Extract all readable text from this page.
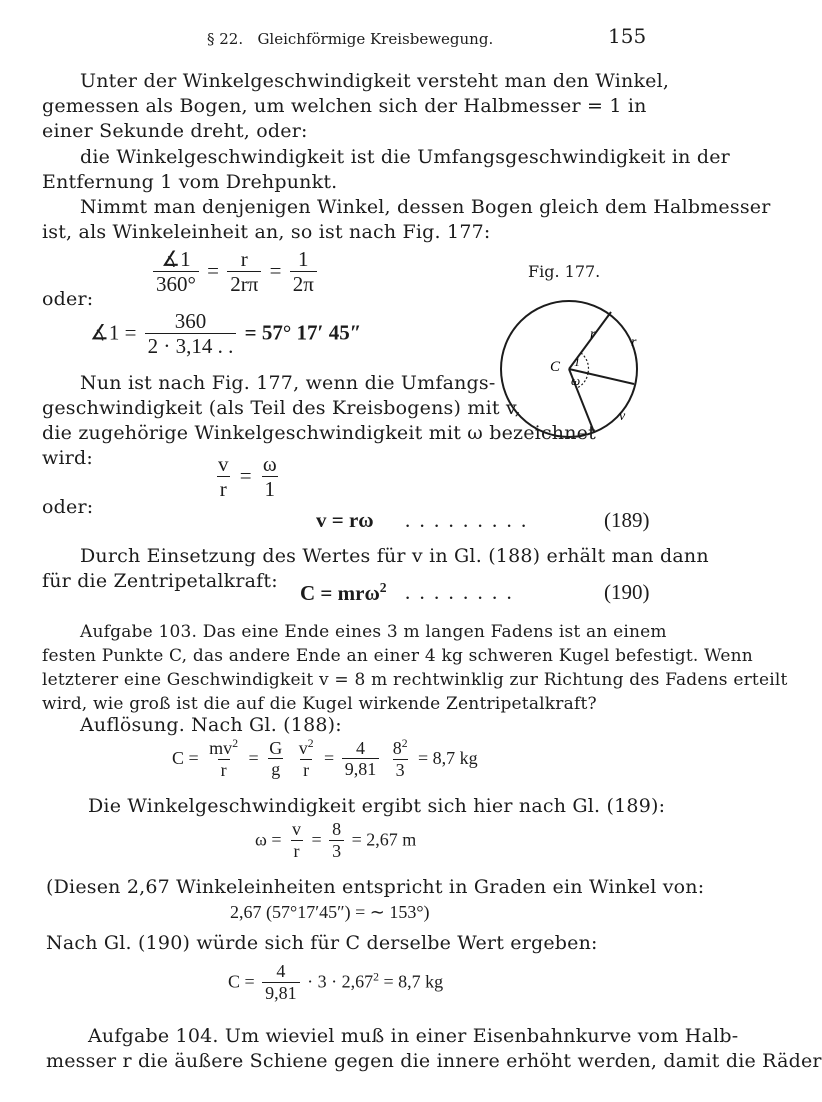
§ 22. Gleichförmige Kreisbewegung.	155
Unter der Winkelgeschwindigkeit versteht man den Winkel,
gemessen als Bogen, um welchen sich der Halbmesser = 1 in
einer Sekunde dreht, oder:
die Winkelgeschwindigkeit ist die Umfangsgeschwindigkeit in der
Entfernung 1 vom Drehpunkt.
Nimmt man denjenigen Winkel, dessen Bogen gleich dem Halbmesser
ist, als Winkeleinheit an, so ist nach Fig. 177:
$\frac{∡1}{360^\circ} = \frac{r}{2r\pi} = \frac{1}{2\pi}$
oder:
∡1 = $\frac{360}{2 \cdot 3,14 . .} = 57^\circ$ 17′ 45″
Fig. 177.
C 1
ω
r
r
v
Nun ist nach Fig. 177, wenn die Umfangs-
geschwindigkeit (als Teil des Kreisbogens) mit v,
die zugehörige Winkelgeschwindigkeit mit ω bezeichnet
wird:	$\frac{v}{r} = \frac{\omega}{1}$
oder:
v = rω . . . . . . . . .	(189)
Durch Einsetzung des Wertes für v in Gl. (188) erhält man dann
für die Zentripetalkraft: C = mrω$^2$ . . . . . . . .	(190)
Aufgabe 103. Das eine Ende eines 3 m langen Fadens ist an einem
festen Punkte C, das andere Ende an einer 4 kg schweren Kugel befestigt. Wenn
letzterer eine Geschwindigkeit v = 8 m rechtwinklig zur Richtung des Fadens erteilt
wird, wie groß ist die auf die Kugel wirkende Zentripetalkraft?
Auflösung. Nach Gl. (188):
$C = \frac{mv^2}{r} = \frac{G}{g}$
$\frac{v^2}{r} = \frac{4}{9,81}$
$\frac{8^2}{3} = 8,7$ kg
Die Winkelgeschwindigkeit ergibt sich hier nach Gl. (189):
$\omega = \frac{v}{r} = \frac{8}{3} = 2,67$ m
(Diesen 2,67 Winkeleinheiten entspricht in Graden ein Winkel von:
2,67 (57°17′45″) = ∼ 153°)
Nach Gl. (190) würde sich für C derselbe Wert ergeben:
$C = \frac{4}{9,81} \cdot 3 \cdot 2,67^2 = 8,7$ kg
Aufgabe 104. Um wieviel muß in einer Eisenbahnkurve vom Halb-
messer r die äußere Schiene gegen die innere erhöht werden, damit die Räder
